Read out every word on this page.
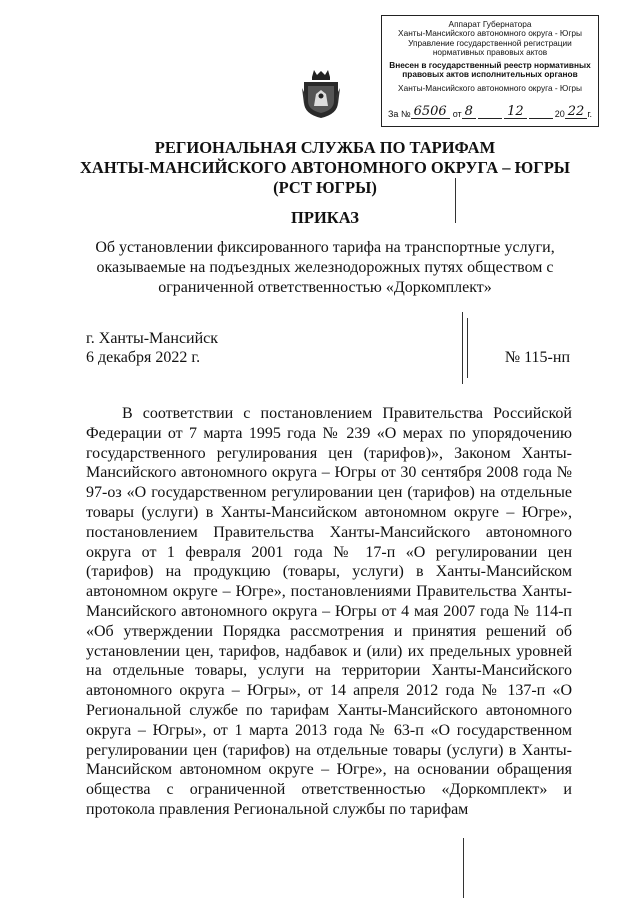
Аппарат Губернатора
Ханты-Мансийского автономного округа - Югры
Управление государственной регистрации
нормативных правовых актов
Внесен в государственный реестр нормативных
правовых актов исполнительных органов
Ханты-Мансийского автономного округа - Югры
За № 6506 от 8	12	20 22 г.
РЕГИОНАЛЬНАЯ СЛУЖБА ПО ТАРИФАМ
ХАНТЫ-МАНСИЙСКОГО АВТОНОМНОГО ОКРУГА – ЮГРЫ
(РСТ ЮГРЫ)
ПРИКАЗ
Об установлении фиксированного тарифа на транспортные услуги, оказываемые на подъездных железнодорожных путях обществом с ограниченной ответственностью «Доркомплект»
г. Ханты-Мансийск
6 декабря 2022 г.	№ 115-нп
В соответствии с постановлением Правительства Российской Федерации от 7 марта 1995 года № 239 «О мерах по упорядочению государственного регулирования цен (тарифов)», Законом Ханты-Мансийского автономного округа – Югры от 30 сентября 2008 года № 97-оз «О государственном регулировании цен (тарифов) на отдельные товары (услуги) в Ханты-Мансийском автономном округе – Югре», постановлением Правительства Ханты-Мансийского автономного округа от 1 февраля 2001 года № 17-п «О регулировании цен (тарифов) на продукцию (товары, услуги) в Ханты-Мансийском автономном округе – Югре», постановлениями Правительства Ханты-Мансийского автономного округа – Югры от 4 мая 2007 года № 114-п «Об утверждении Порядка рассмотрения и принятия решений об установлении цен, тарифов, надбавок и (или) их предельных уровней на отдельные товары, услуги на территории Ханты-Мансийского автономного округа – Югры», от 14 апреля 2012 года № 137-п «О Региональной службе по тарифам Ханты-Мансийского автономного округа – Югры», от 1 марта 2013 года № 63-п «О государственном регулировании цен (тарифов) на отдельные товары (услуги) в Ханты-Мансийском автономном округе – Югре», на основании обращения общества с ограниченной ответственностью «Доркомплект» и протокола правления Региональной службы по тарифам
